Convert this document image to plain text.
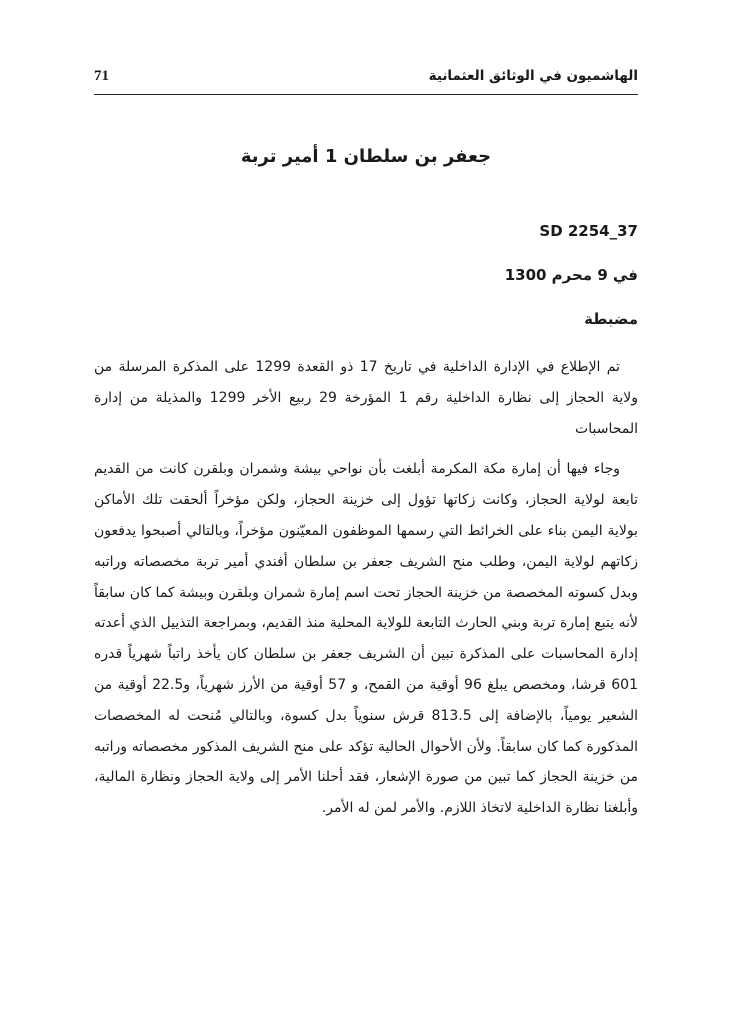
الهاشميون في الوثائق العثمانية
71
جعفر بن سلطان 1 أمير تربة
SD 2254_37
في 9 محرم 1300
مضبطة

تم الإطلاع في الإدارة الداخلية في تاريخ 17 ذو القعدة 1299 على المذكرة المرسلة من ولاية الحجاز إلى نظارة الداخلية رقم 1 المؤرخة 29 ربيع الأخر 1299 والمذيلة من إدارة المحاسبات

وجاء فيها أن إمارة مكة المكرمة أبلغت بأن نواحي بيشة وشمران وبلقرن كانت من القديم تابعة لولاية الحجاز، وكانت زكاتها تؤول إلى خزينة الحجاز، ولكن مؤخراً ألحقت تلك الأماكن بولاية اليمن بناء على الخرائط التي رسمها الموظفون المعيّنون مؤخراً، وبالتالي أصبحوا يدفعون زكاتهم لولاية اليمن، وطلب منح الشريف جعفر بن سلطان أفندي أمير تربة مخصصاته وراتبه وبدل كسوته المخصصة من خزينة الحجاز تحت اسم إمارة شمران وبلقرن وبيشة كما كان سابقاً لأنه يتبع إمارة تربة وبني الحارث التابعة للولاية المحلية منذ القديم، وبمراجعة التذييل الذي أعدته إدارة المحاسبات على المذكرة تبين أن الشريف جعفر بن سلطان كان يأخذ راتباً شهرياً قدره 601 قرشا، ومخصص يبلغ 96 أوقية من القمح، و 57 أوقية من الأرز شهرياً، و22.5 أوقية من الشعير يومياً، بالإضافة إلى 813.5 قرش سنوياً بدل كسوة، وبالتالي مُنحت له المخصصات المذكورة كما كان سابقاً. ولأن الأحوال الحالية تؤكد على منح الشريف المذكور مخصصاته وراتبه من خزينة الحجاز كما تبين من صورة الإشعار، فقد أحلنا الأمر إلى ولاية الحجاز ونظارة المالية، وأبلغنا نظارة الداخلية لاتخاذ اللازم. والأمر لمن له الأمر.
